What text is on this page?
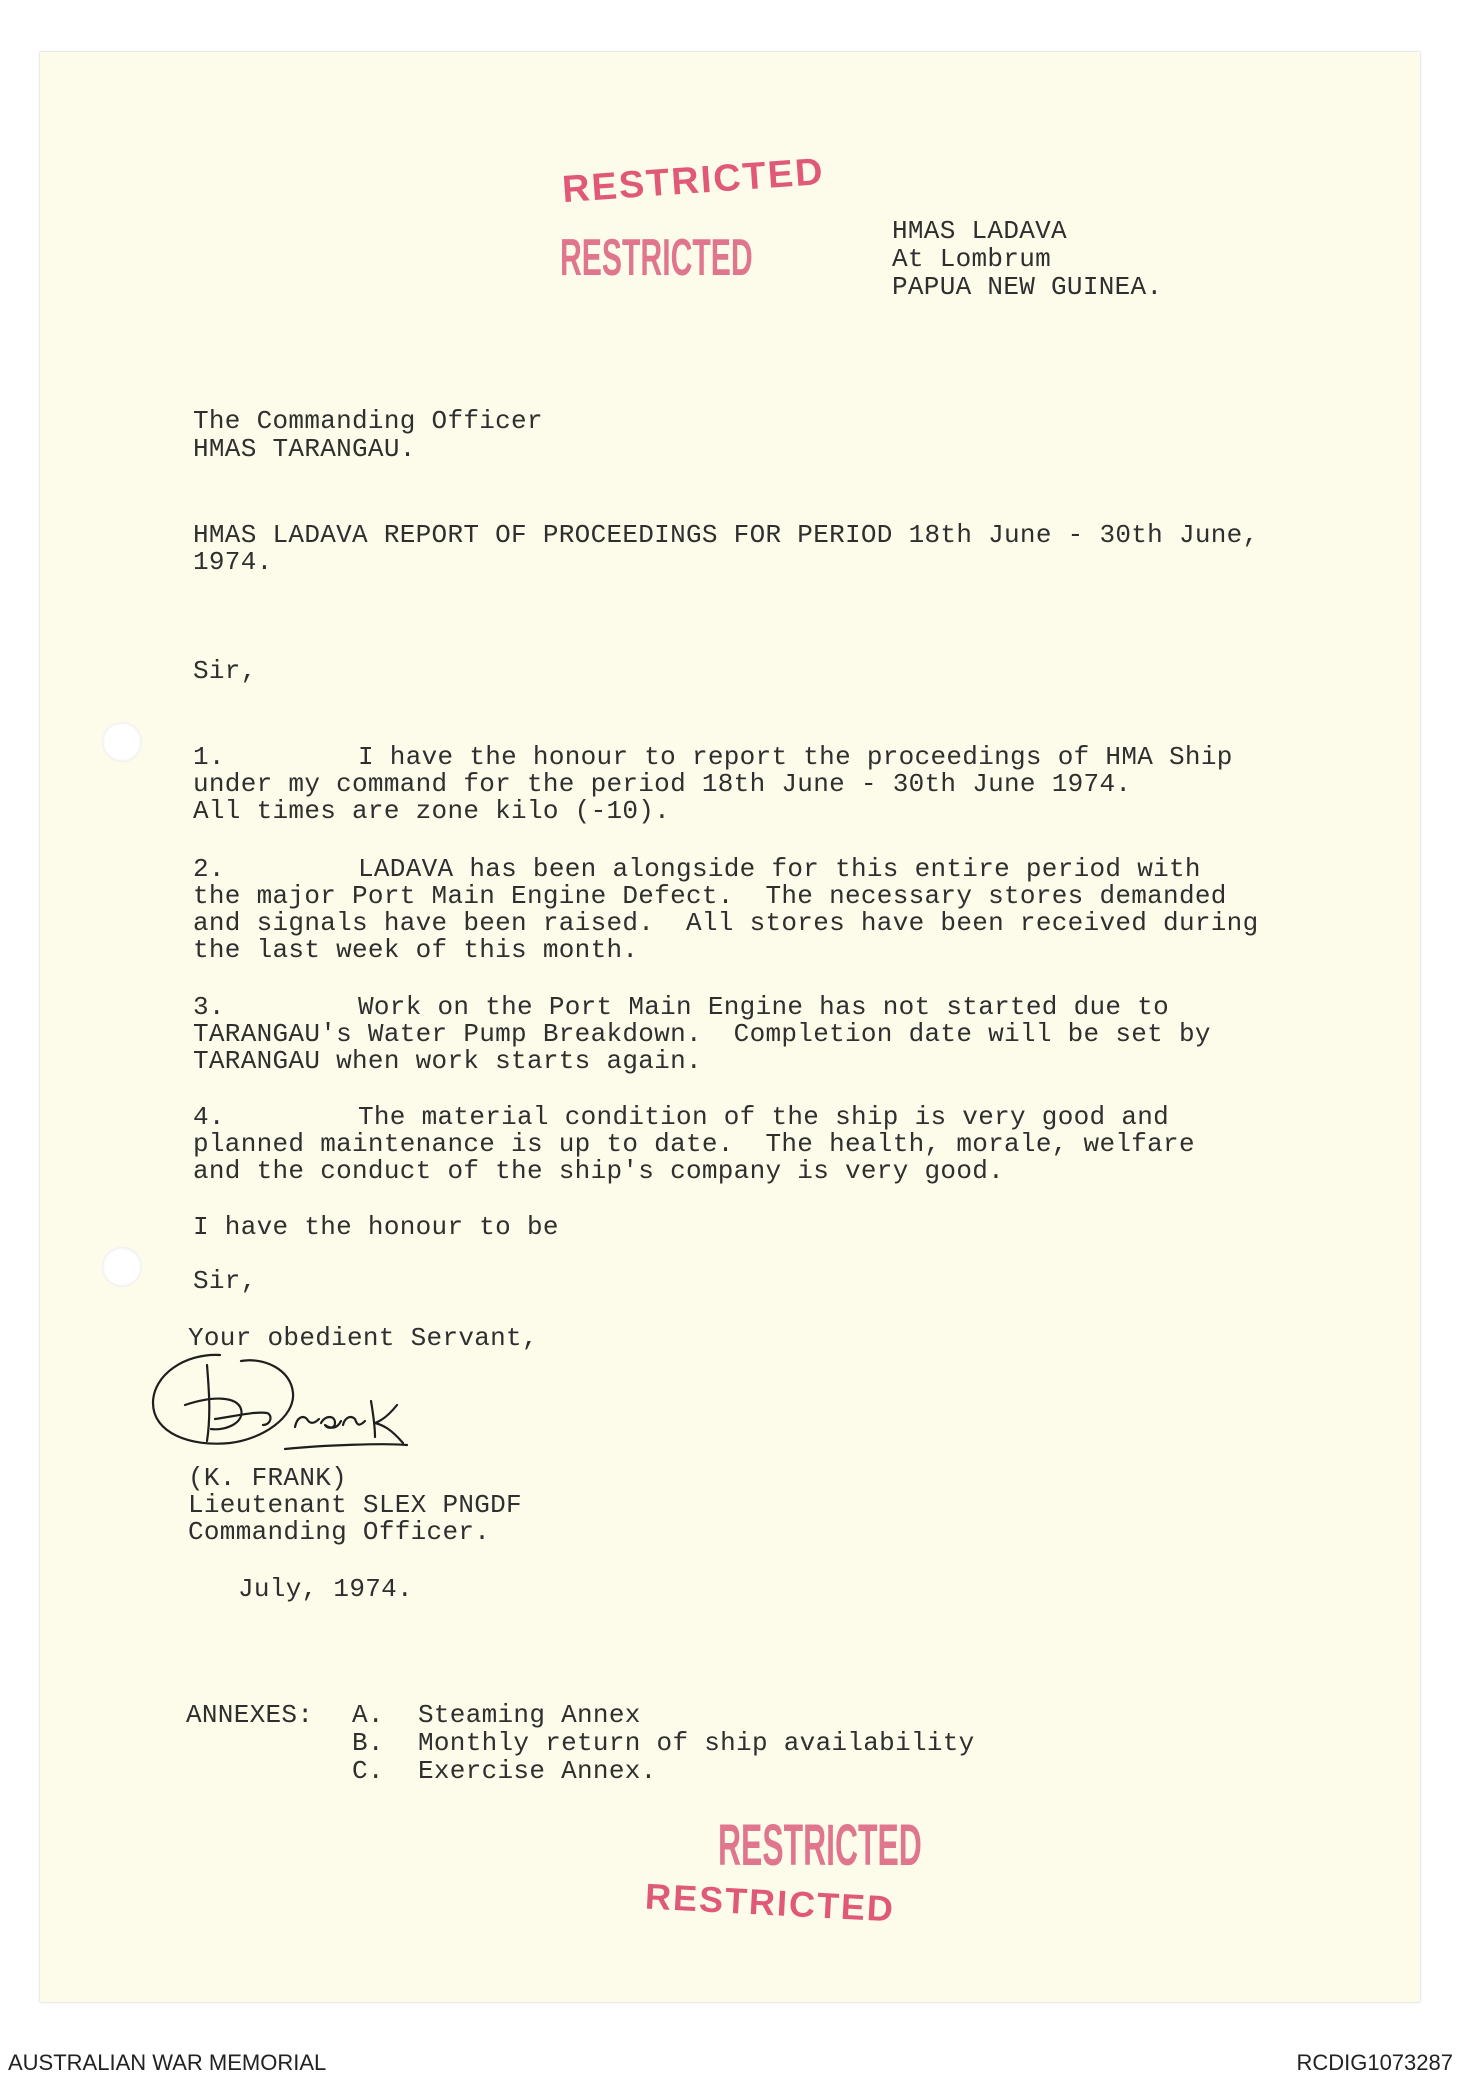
RESTRICTED
RESTRICTED	HMAS LADAVA
At Lombrum
PAPUA NEW GUINEA.
The Commanding Officer
HMAS TARANGAU.
HMAS LADAVA REPORT OF PROCEEDINGS FOR PERIOD 18th June - 30th June,
1974.
Sir,
1.	I have the honour to report the proceedings of HMA Ship
under my command for the period 18th June - 30th June 1974.
All times are zone kilo (-10).
2.	LADAVA has been alongside for this entire period with
the major Port Main Engine Defect.  The necessary stores demanded
and signals have been raised.  All stores have been received during
the last week of this month.
3.	Work on the Port Main Engine has not started due to
TARANGAU's Water Pump Breakdown.  Completion date will be set by
TARANGAU when work starts again.
4.	The material condition of the ship is very good and
planned maintenance is up to date.  The health, morale, welfare
and the conduct of the ship's company is very good.
I have the honour to be
Sir,
Your obedient Servant,
(K. FRANK)
Lieutenant SLEX PNGDF
Commanding Officer.
July, 1974.
ANNEXES: A. Steaming Annex
B. Monthly return of ship availability
C. Exercise Annex.
RESTRICTED
RESTRICTED
AUSTRALIAN WAR MEMORIAL	RCDIG1073287
